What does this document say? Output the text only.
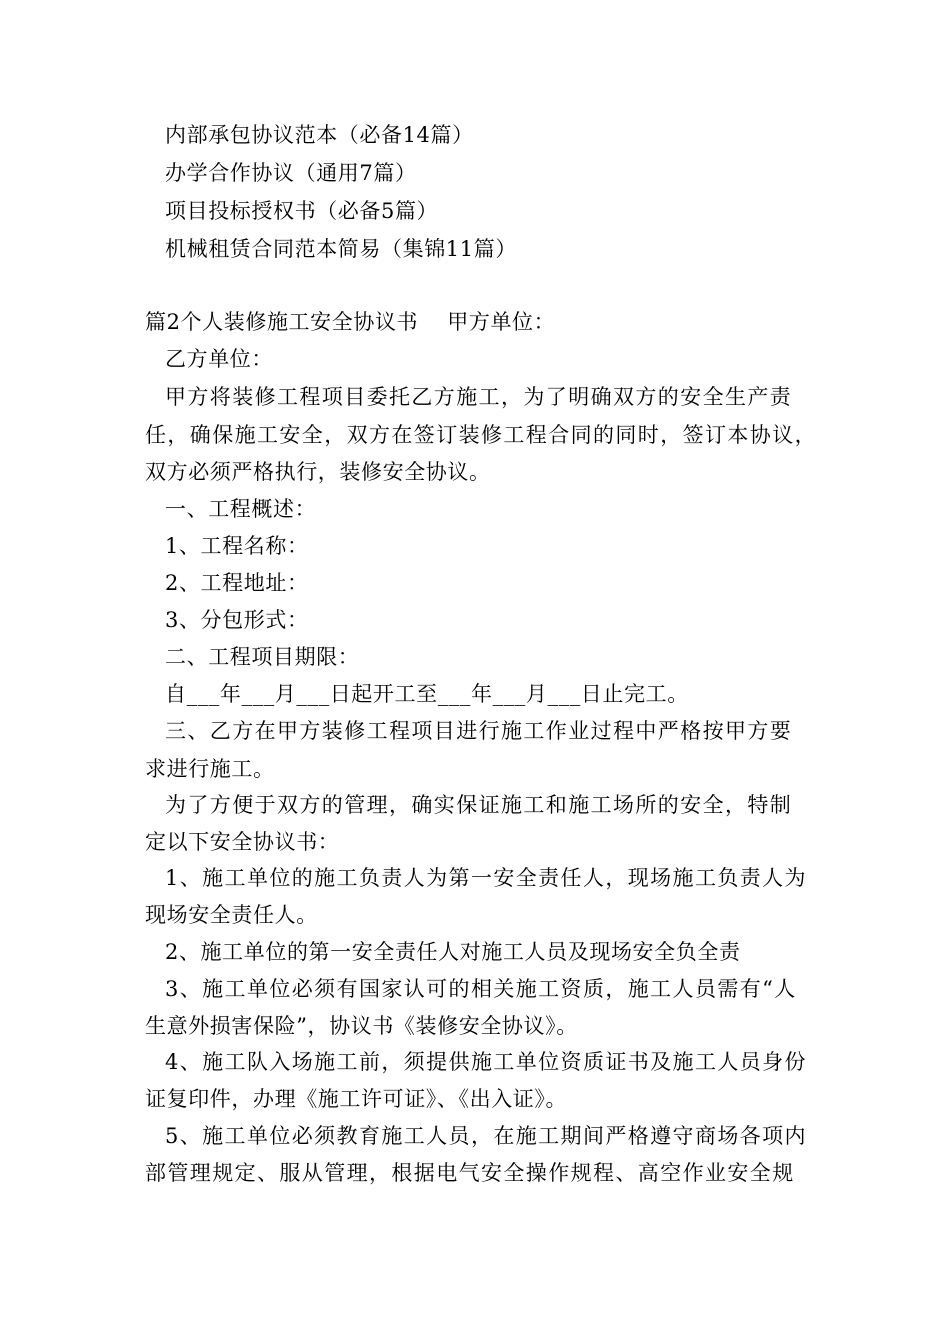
内部承包协议范本（必备14篇）
办学合作协议（通用7篇）
项目投标授权书（必备5篇）
机械租赁合同范本简易（集锦11篇）
篇2个人装修施工安全协议书    甲方单位：
乙方单位：
甲方将装修工程项目委托乙方施工，为了明确双方的安全生产责
任，确保施工安全，双方在签订装修工程合同的同时，签订本协议，
双方必须严格执行，装修安全协议。
一、工程概述：
1、工程名称：
2、工程地址：
3、分包形式：
二、工程项目期限：
自___年___月___日起开工至___年___月___日止完工。
三、乙方在甲方装修工程项目进行施工作业过程中严格按甲方要
求进行施工。
为了方便于双方的管理，确实保证施工和施工场所的安全，特制
定以下安全协议书：
1、施工单位的施工负责人为第一安全责任人，现场施工负责人为
现场安全责任人。
2、施工单位的第一安全责任人对施工人员及现场安全负全责
3、施工单位必须有国家认可的相关施工资质，施工人员需有“人
生意外损害保险”，协议书《装修安全协议》。
4、施工队入场施工前，须提供施工单位资质证书及施工人员身份
证复印件，办理《施工许可证》、《出入证》。
5、施工单位必须教育施工人员，在施工期间严格遵守商场各项内
部管理规定、服从管理，根据电气安全操作规程、高空作业安全规
